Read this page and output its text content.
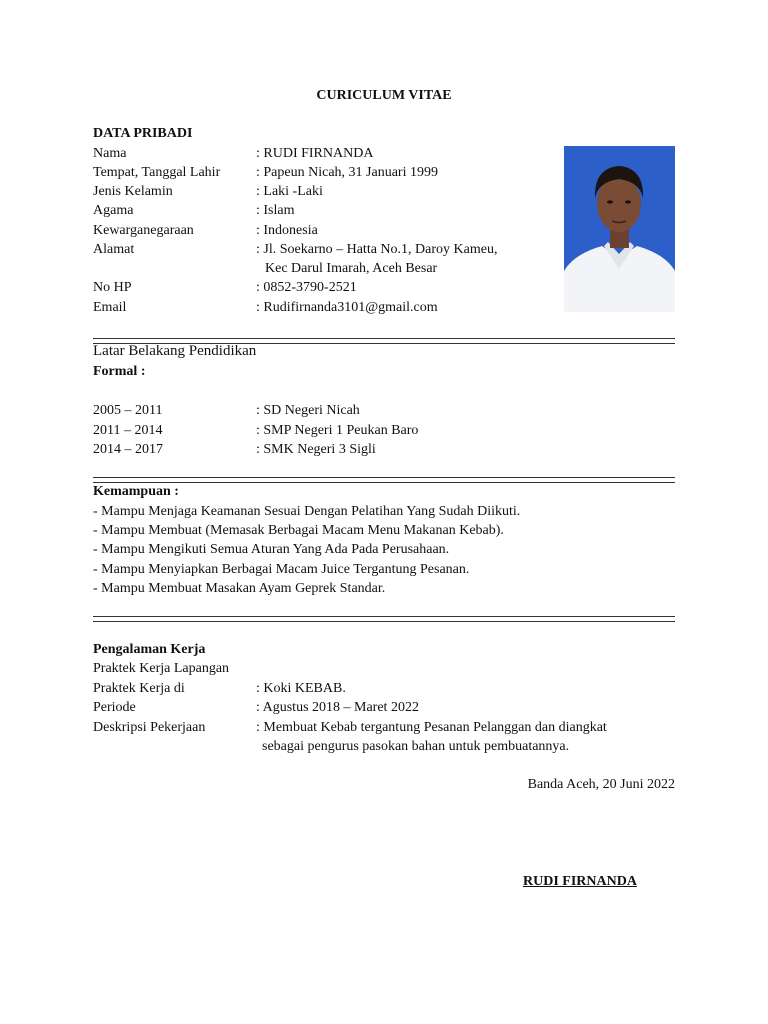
CURICULUM VITAE
DATA PRIBADI
Nama	: RUDI FIRNANDA
Tempat, Tanggal Lahir	: Papeun Nicah, 31 Januari 1999
Jenis Kelamin	: Laki -Laki
Agama	: Islam
Kewarganegaraan	: Indonesia
Alamat	: Jl. Soekarno – Hatta No.1, Daroy Kameu,
Kec Darul Imarah, Aceh Besar
No HP	: 0852-3790-2521
Email	: Rudifirnanda3101@gmail.com
Latar Belakang Pendidikan
Formal :
2005 – 2011	: SD Negeri Nicah
2011 – 2014	: SMP Negeri 1 Peukan Baro
2014 – 2017	: SMK Negeri 3 Sigli
Kemampuan :
- Mampu Menjaga Keamanan Sesuai Dengan Pelatihan Yang Sudah Diikuti.
- Mampu Membuat (Memasak Berbagai Macam Menu Makanan Kebab).
- Mampu Mengikuti Semua Aturan Yang Ada Pada Perusahaan.
- Mampu Menyiapkan Berbagai Macam Juice Tergantung Pesanan.
- Mampu Membuat Masakan Ayam Geprek Standar.
Pengalaman Kerja
Praktek Kerja Lapangan
Praktek Kerja di	: Koki KEBAB.
Periode	: Agustus 2018 – Maret 2022
Deskripsi Pekerjaan	: Membuat Kebab tergantung Pesanan Pelanggan dan diangkat
sebagai pengurus pasokan bahan untuk pembuatannya.
Banda Aceh, 20 Juni 2022
RUDI FIRNANDA
